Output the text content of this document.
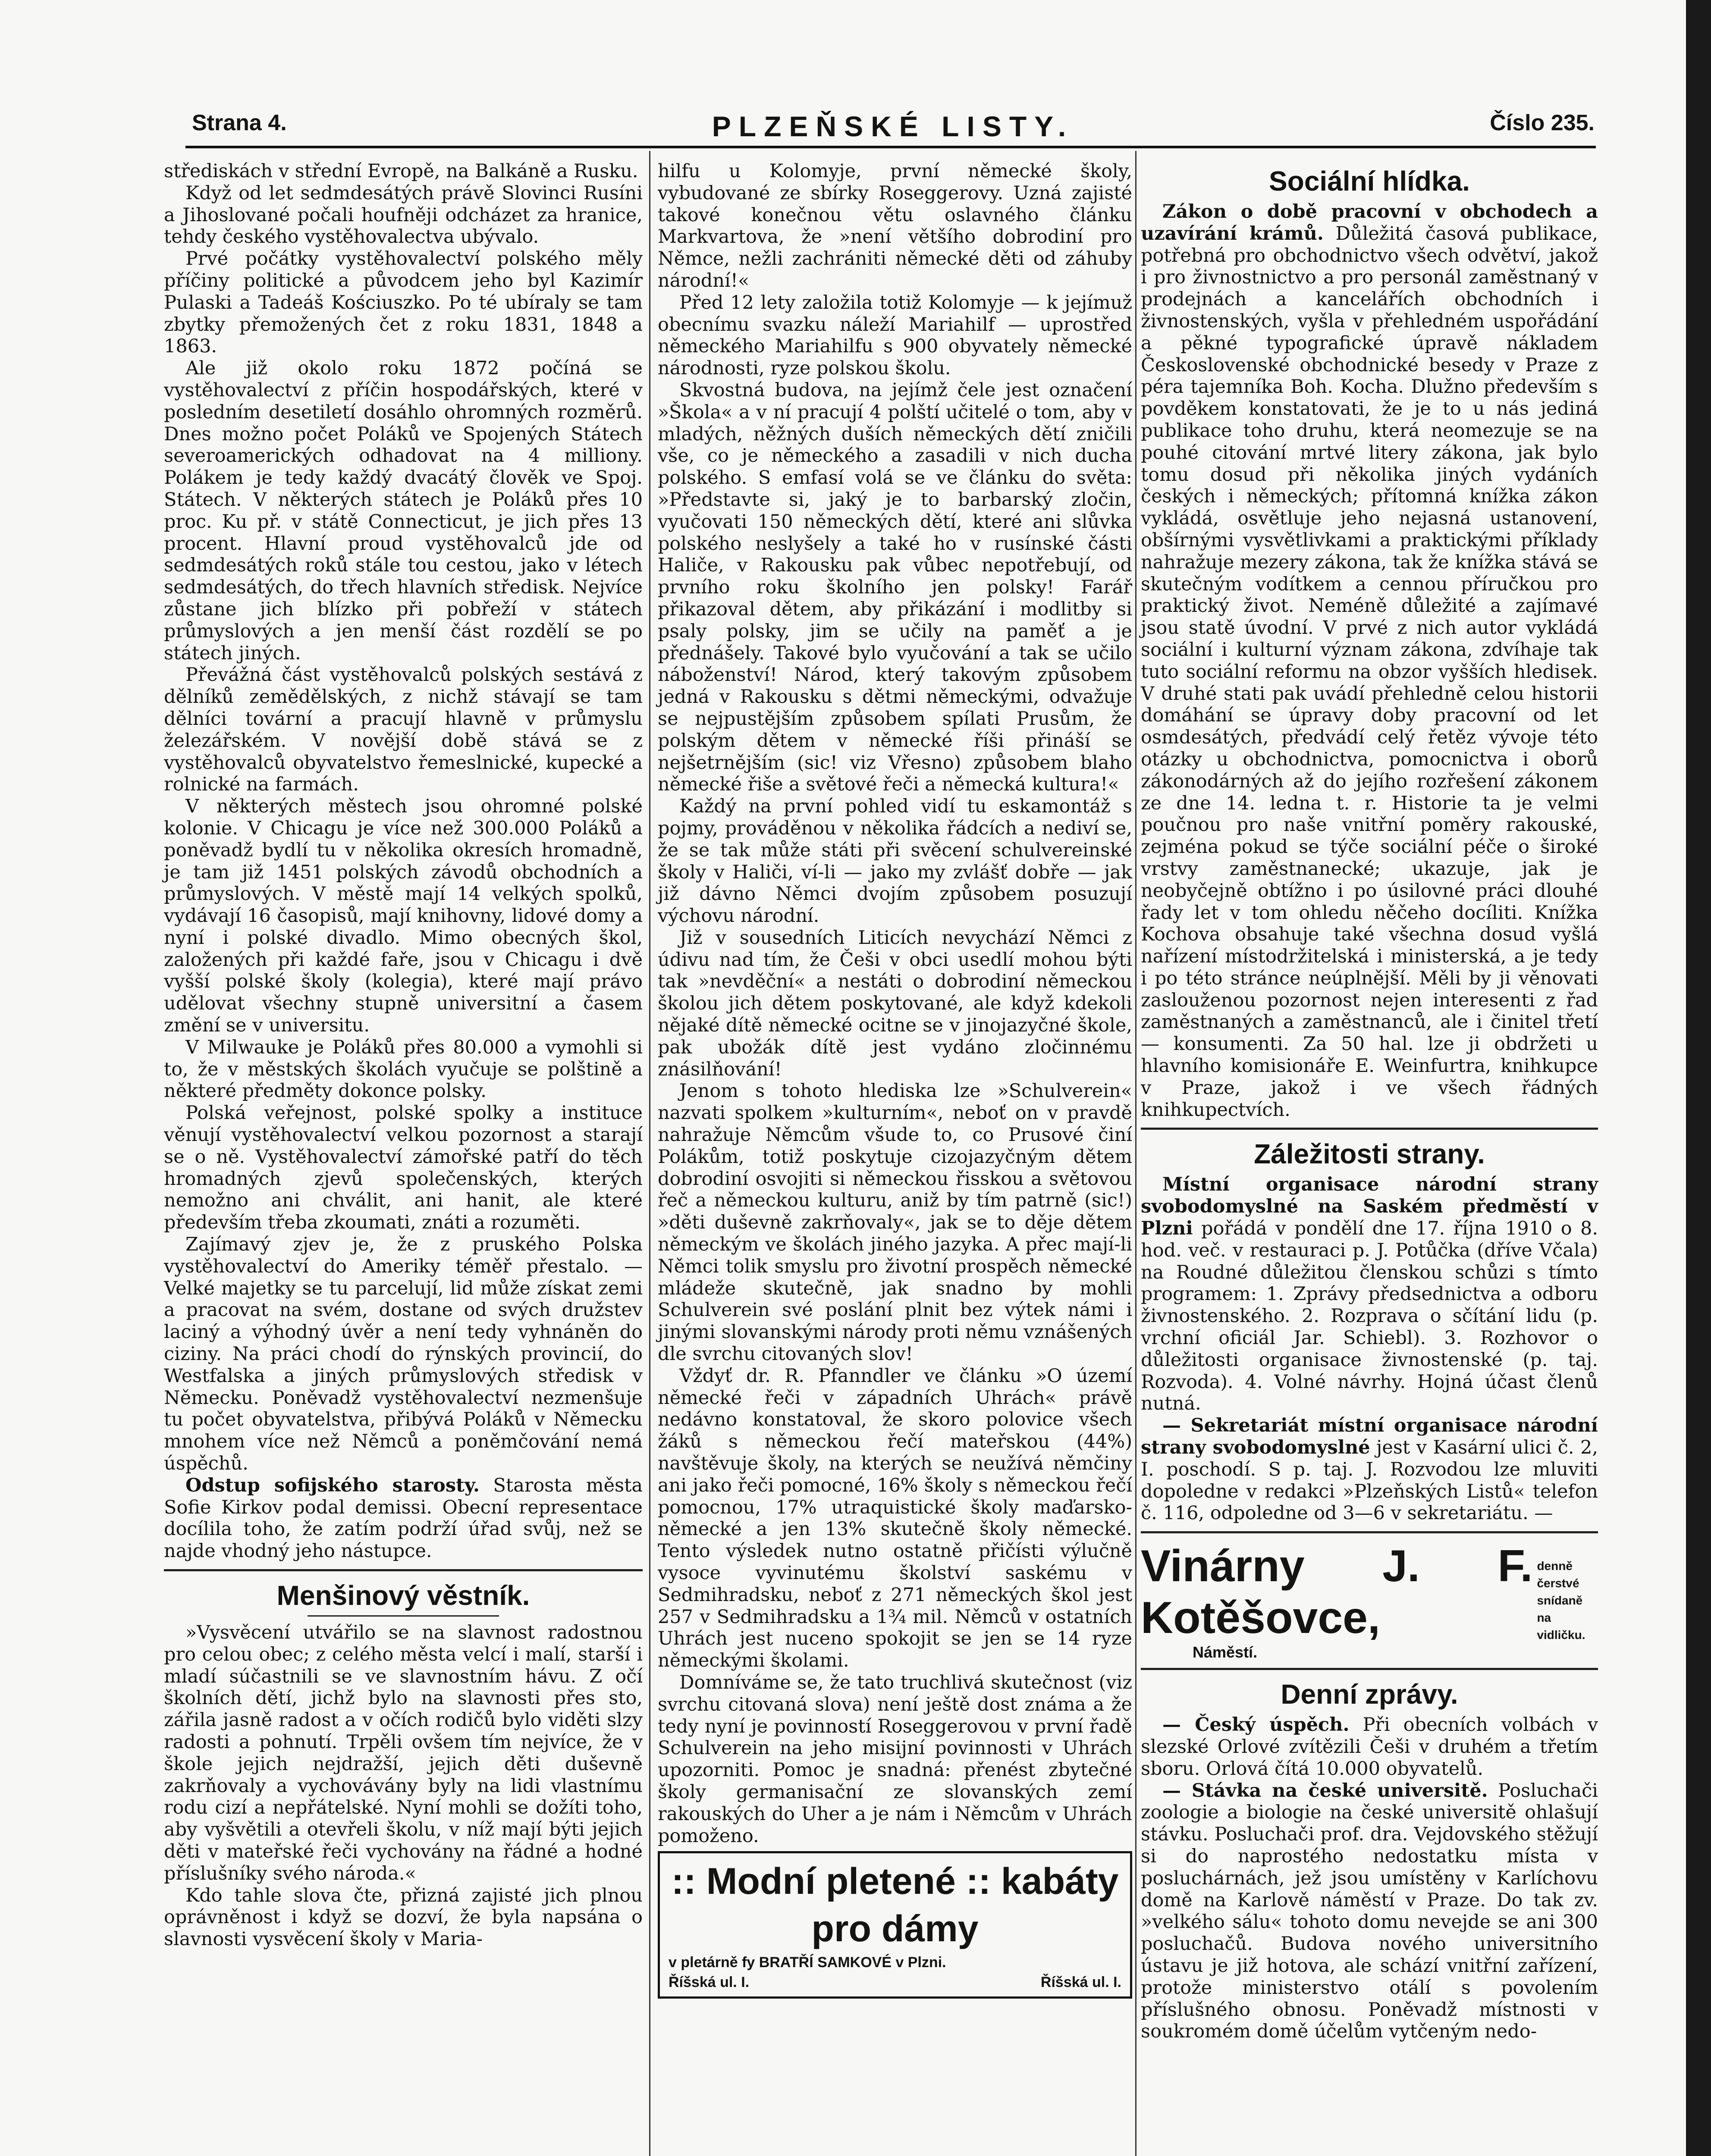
Strana 4.	PLZEŇSKÉ LISTY.	Číslo 235.

střediskách v střední Evropě, na Balkáně a Rusku.

Když od let sedmdesátých právě Slovinci Rusíni a Jihoslované počali houfněji odcházet za hranice, tehdy českého vystěhovalectva ubývalo.

Prvé počátky vystěhovalectví polského měly příčiny politické a původcem jeho byl Kazimír Pulaski a Tadeáš Kościuszko. Po té ubíraly se tam zbytky přemožených čet z roku 1831, 1848 a 1863.

Ale již okolo roku 1872 počíná se vystěhovalectví z příčin hospodářských, které v posledním desetiletí dosáhlo ohromných rozměrů. Dnes možno počet Poláků ve Spojených Státech severoamerických odhadovat na 4 milliony. Polákem je tedy každý dvacátý člověk ve Spoj. Státech. V některých státech je Poláků přes 10 proc. Ku př. v státě Connecticut, je jich přes 13 procent. Hlavní proud vystěhovalců jde od sedmdesátých roků stále tou cestou, jako v létech sedmdesátých, do třech hlavních středisk. Nejvíce zůstane jich blízko při pobřeží v státech průmyslových a jen menší část rozdělí se po státech jiných.

Převážná část vystěhovalců polských sestává z dělníků zemědělských, z nichž stávají se tam dělníci tovární a pracují hlavně v průmyslu železářském. V novější době stává se z vystěhovalců obyvatelstvo řemeslnické, kupecké a rolnické na farmách.

V některých městech jsou ohromné polské kolonie. V Chicagu je více než 300.000 Poláků a poněvadž bydlí tu v několika okresích hromadně, je tam již 1451 polských závodů obchodních a průmyslových. V městě mají 14 velkých spolků, vydávají 16 časopisů, mají knihovny, lidové domy a nyní i polské divadlo. Mimo obecných škol, založených při každé faře, jsou v Chicagu i dvě vyšší polské školy (kolegia), které mají právo udělovat všechny stupně universitní a časem změní se v universitu.

V Milwauke je Poláků přes 80.000 a vymohli si to, že v městských školách vyučuje se polštině a některé předměty dokonce polsky.

Polská veřejnost, polské spolky a instituce věnují vystěhovalectví velkou pozornost a starají se o ně. Vystěhovalectví zámořské patří do těch hromadných zjevů společenských, kterých nemožno ani chválit, ani hanit, ale které především třeba zkoumati, znáti a rozuměti.

Zajímavý zjev je, že z pruského Polska vystěhovalectví do Ameriky téměř přestalo. — Velké majetky se tu parcelují, lid může získat zemi a pracovat na svém, dostane od svých družstev laciný a výhodný úvěr a není tedy vyhnáněn do ciziny. Na práci chodí do rýnských provincií, do Westfalska a jiných průmyslových středisk v Německu. Poněvadž vystěhovalectví nezmenšuje tu počet obyvatelstva, přibývá Poláků v Německu mnohem více než Němců a poněmčování nemá úspěchů.

Odstup sofijského starosty. Starosta města Sofie Kirkov podal demissi. Obecní representace docílila toho, že zatím podrží úřad svůj, než se najde vhodný jeho nástupce.

Menšinový věstník.

»Vysvěcení utvářilo se na slavnost radostnou pro celou obec; z celého města velcí i malí, starší i mladí súčastnili se ve slavnostním hávu. Z očí školních dětí, jichž bylo na slavnosti přes sto, zářila jasně radost a v očích rodičů bylo viděti slzy radosti a pohnutí. Trpěli ovšem tím nejvíce, že v škole jejich nejdražší, jejich děti duševně zakrňovaly a vychovávány byly na lidi vlastnímu rodu cizí a nepřátelské. Nyní mohli se dožíti toho, aby vyšvětili a otevřeli školu, v níž mají býti jejich děti v mateřské řeči vychovány na řádné a hodné příslušníky svého národa.«

Kdo tahle slova čte, přizná zajisté jich plnou oprávněnost i když se dozví, že byla napsána o slavnosti vysvěcení školy v Maria-

hilfu u Kolomyje, první německé školy, vybudované ze sbírky Roseggerovy. Uzná zajisté takové konečnou větu oslavného článku Markvartova, že »není většího dobrodiní pro Němce, nežli zachrániti německé děti od záhuby národní!«

Před 12 lety založila totiž Kolomyje — k jejímuž obecnímu svazku náleží Mariahilf — uprostřed německého Mariahilfu s 900 obyvately německé národnosti, ryze polskou školu.

Skvostná budova, na jejímž čele jest označení »Škola« a v ní pracují 4 polští učitelé o tom, aby v mladých, něžných duších německých dětí zničili vše, co je německého a zasadili v nich ducha polského. S emfasí volá se ve článku do světa: »Představte si, jaký je to barbarský zločin, vyučovati 150 německých dětí, které ani slůvka polského neslyšely a také ho v rusínské části Haliče, v Rakousku pak vůbec nepotřebují, od prvního roku školního jen polsky! Farář přikazoval dětem, aby přikázání i modlitby si psaly polsky, jim se učily na paměť a je přednášely. Takové bylo vyučování a tak se učilo náboženství! Národ, který takovým způsobem jedná v Rakousku s dětmi německými, odvažuje se nejpustějším způsobem spílati Prusům, že polským dětem v německé říši přináší se nejšetrnějším (sic! viz Vřesno) způsobem blaho německé řiše a světové řeči a německá kultura!«

Každý na první pohled vidí tu eskamontáž s pojmy, prováděnou v několika řádcích a nediví se, že se tak může státi při svěcení schulvereinské školy v Haliči, ví-li — jako my zvlášť dobře — jak již dávno Němci dvojím způsobem posuzují výchovu národní.

Již v sousedních Liticích nevychází Němci z údivu nad tím, že Češi v obci usedlí mohou býti tak »nevděční« a nestáti o dobrodiní německou školou jich dětem poskytované, ale když kdekoli nějaké dítě německé ocitne se v jinojazyčné škole, pak ubožák dítě jest vydáno zločinnému znásilňování!

Jenom s tohoto hlediska lze »Schulverein« nazvati spolkem »kulturním«, neboť on v pravdě nahražuje Němcům všude to, co Prusové činí Polákům, totiž poskytuje cizojazyčným dětem dobrodiní osvojiti si německou řisskou a světovou řeč a německou kulturu, aniž by tím patrně (sic!) »děti duševně zakrňovaly«, jak se to děje dětem německým ve školách jiného jazyka. A přec mají-li Němci tolik smyslu pro životní prospěch německé mládeže skutečně, jak snadno by mohli Schulverein své poslání plnit bez výtek námi i jinými slovanskými národy proti němu vznášených dle svrchu citovaných slov!

Vždyť dr. R. Pfanndler ve článku »O území německé řeči v západních Uhrách« právě nedávno konstatoval, že skoro polovice všech žáků s německou řečí mateřskou (44%) navštěvuje školy, na kterých se neužívá němčiny ani jako řeči pomocné, 16% školy s německou řečí pomocnou, 17% utraquistické školy maďarsko-německé a jen 13% skutečně školy německé. Tento výsledek nutno ostatně přičísti výlučně vysoce vyvinutému školství saskému v Sedmihradsku, neboť z 271 německých škol jest 257 v Sedmihradsku a 1¾ mil. Němců v ostatních Uhrách jest nuceno spokojit se jen se 14 ryze německými školami.

Domníváme se, že tato truchlivá skutečnost (viz svrchu citovaná slova) není ještě dost známa a že tedy nyní je povinností Roseggerovou v první řadě Schulverein na jeho misijní povinnosti v Uhrách upozorniti. Pomoc je snadná: přenést zbytečné školy germanisační ze slovanských zemí rakouských do Uher a je nám i Němcům v Uhrách pomoženo.

:: Modní pletené :: kabáty pro dámy
v pletárně fy BRATŘÍ SAMKOVÉ v Plzni.
Říšská ul. I.	Říšská ul. I.
Sociální hlídka.

Zákon o době pracovní v obchodech a uzavírání krámů. Důležitá časová publikace, potřebná pro obchodnictvo všech odvětví, jakož i pro živnostnictvo a pro personál zaměstnaný v prodejnách a kancelářích obchodních i živnostenských, vyšla v přehledném uspořádání a pěkné typografické úpravě nákladem Československé obchodnické besedy v Praze z péra tajemníka Boh. Kocha. Dlužno především s povděkem konstatovati, že je to u nás jediná publikace toho druhu, která neomezuje se na pouhé citování mrtvé litery zákona, jak bylo tomu dosud při několika jiných vydáních českých i německých; přítomná knížka zákon vykládá, osvětluje jeho nejasná ustanovení, obšírnými vysvětlivkami a praktickými příklady nahražuje mezery zákona, tak že knížka stává se skutečným vodítkem a cennou příručkou pro praktický život. Neméně důležité a zajímavé jsou statě úvodní. V prvé z nich autor vykládá sociální i kulturní význam zákona, zdvíhaje tak tuto sociální reformu na obzor vyšších hledisek. V druhé stati pak uvádí přehledně celou historii domáhání se úpravy doby pracovní od let osmdesátých, předvádí celý řetěz vývoje této otázky u obchodnictva, pomocnictva i oborů zákonodárných až do jejího rozřešení zákonem ze dne 14. ledna t. r. Historie ta je velmi poučnou pro naše vnitřní poměry rakouské, zejména pokud se týče sociální péče o široké vrstvy zaměstnanecké; ukazuje, jak je neobyčejně obtížno i po úsilovné práci dlouhé řady let v tom ohledu něčeho docíliti. Knížka Kochova obsahuje také všechna dosud vyšlá nařízení místodržitelská i ministerská, a je tedy i po této stránce neúplnější. Měli by ji věnovati zaslouženou pozornost nejen interesenti z řad zaměstnaných a zaměstnanců, ale i činitel třetí — konsumenti. Za 50 hal. lze ji obdržeti u hlavního komisionáře E. Weinfurtra, knihkupce v Praze, jakož i ve všech řádných knihkupectvích.

Záležitosti strany.

Místní organisace národní strany svobodomyslné na Saském předměstí v Plzni pořádá v pondělí dne 17. října 1910 o 8. hod. več. v restauraci p. J. Potůčka (dříve Včala) na Roudné důležitou členskou schůzi s tímto programem: 1. Zprávy předsednictva a odboru živnostenského. 2. Rozprava o sčítání lidu (p. vrchní oficiál Jar. Schiebl). 3. Rozhovor o důležitosti organisace živnostenské (p. taj. Rozvoda). 4. Volné návrhy. Hojná účast členů nutná.

— Sekretariát místní organisace národní strany svobodomyslné jest v Kasární ulici č. 2, I. poschodí. S p. taj. J. Rozvodou lze mluviti dopoledne v redakci »Plzeňských Listů« telefon č. 116, odpoledne od 3—6 v sekretariátu. —

Vinárny J. F. Kotěšovce,
Náměstí.
denně čerstvé
snídaně
na vidličku.
Denní zprávy.

— Český úspěch. Při obecních volbách v slezské Orlové zvítězili Češi v druhém a třetím sboru. Orlová čítá 10.000 obyvatelů.

— Stávka na české universitě. Posluchači zoologie a biologie na české universitě ohlašují stávku. Posluchači prof. dra. Vejdovského stěžují si do naprostého nedostatku místa v posluchárnách, jež jsou umístěny v Karlíchovu domě na Karlově náměstí v Praze. Do tak zv. »velkého sálu« tohoto domu nevejde se ani 300 posluchačů. Budova nového universitního ústavu je již hotova, ale schází vnitřní zařízení, protože ministerstvo otálí s povolením příslušného obnosu. Poněvadž místnosti v soukromém domě účelům vytčeným nedo-
